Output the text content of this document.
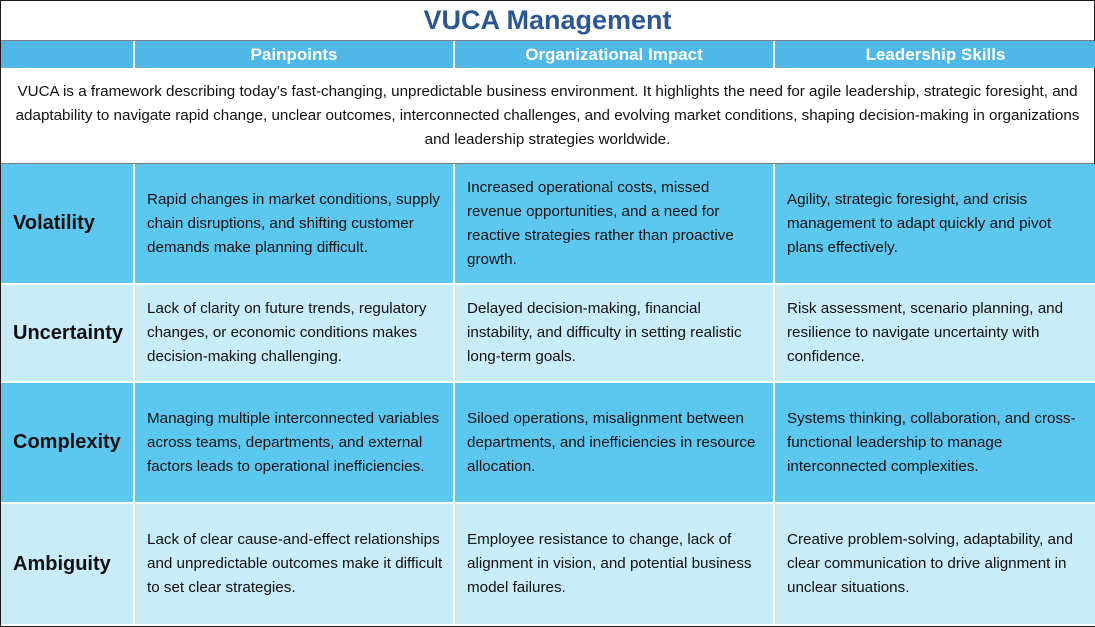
VUCA Management
Painpoints	Organizational Impact	Leadership Skills

VUCA is a framework describing today’s fast-changing, unpredictable business environment. It highlights the need for agile leadership, strategic foresight, and adaptability to navigate rapid change, unclear outcomes, interconnected challenges, and evolving market conditions, shaping decision-making in organizations and leadership strategies worldwide.

Volatility
Rapid changes in market conditions, supply chain disruptions, and shifting customer demands make planning difficult.
Increased operational costs, missed revenue opportunities, and a need for reactive strategies rather than proactive growth.
Agility, strategic foresight, and crisis management to adapt quickly and pivot plans effectively.
Uncertainty
Lack of clarity on future trends, regulatory changes, or economic conditions makes decision-making challenging.
Delayed decision-making, financial instability, and difficulty in setting realistic long-term goals.
Risk assessment, scenario planning, and resilience to navigate uncertainty with confidence.
Complexity
Managing multiple interconnected variables across teams, departments, and external factors leads to operational inefficiencies.
Siloed operations, misalignment between departments, and inefficiencies in resource allocation.
Systems thinking, collaboration, and cross-functional leadership to manage interconnected complexities.
Ambiguity
Lack of clear cause-and-effect relationships and unpredictable outcomes make it difficult to set clear strategies.
Employee resistance to change, lack of alignment in vision, and potential business model failures.
Creative problem-solving, adaptability, and clear communication to drive alignment in unclear situations.
